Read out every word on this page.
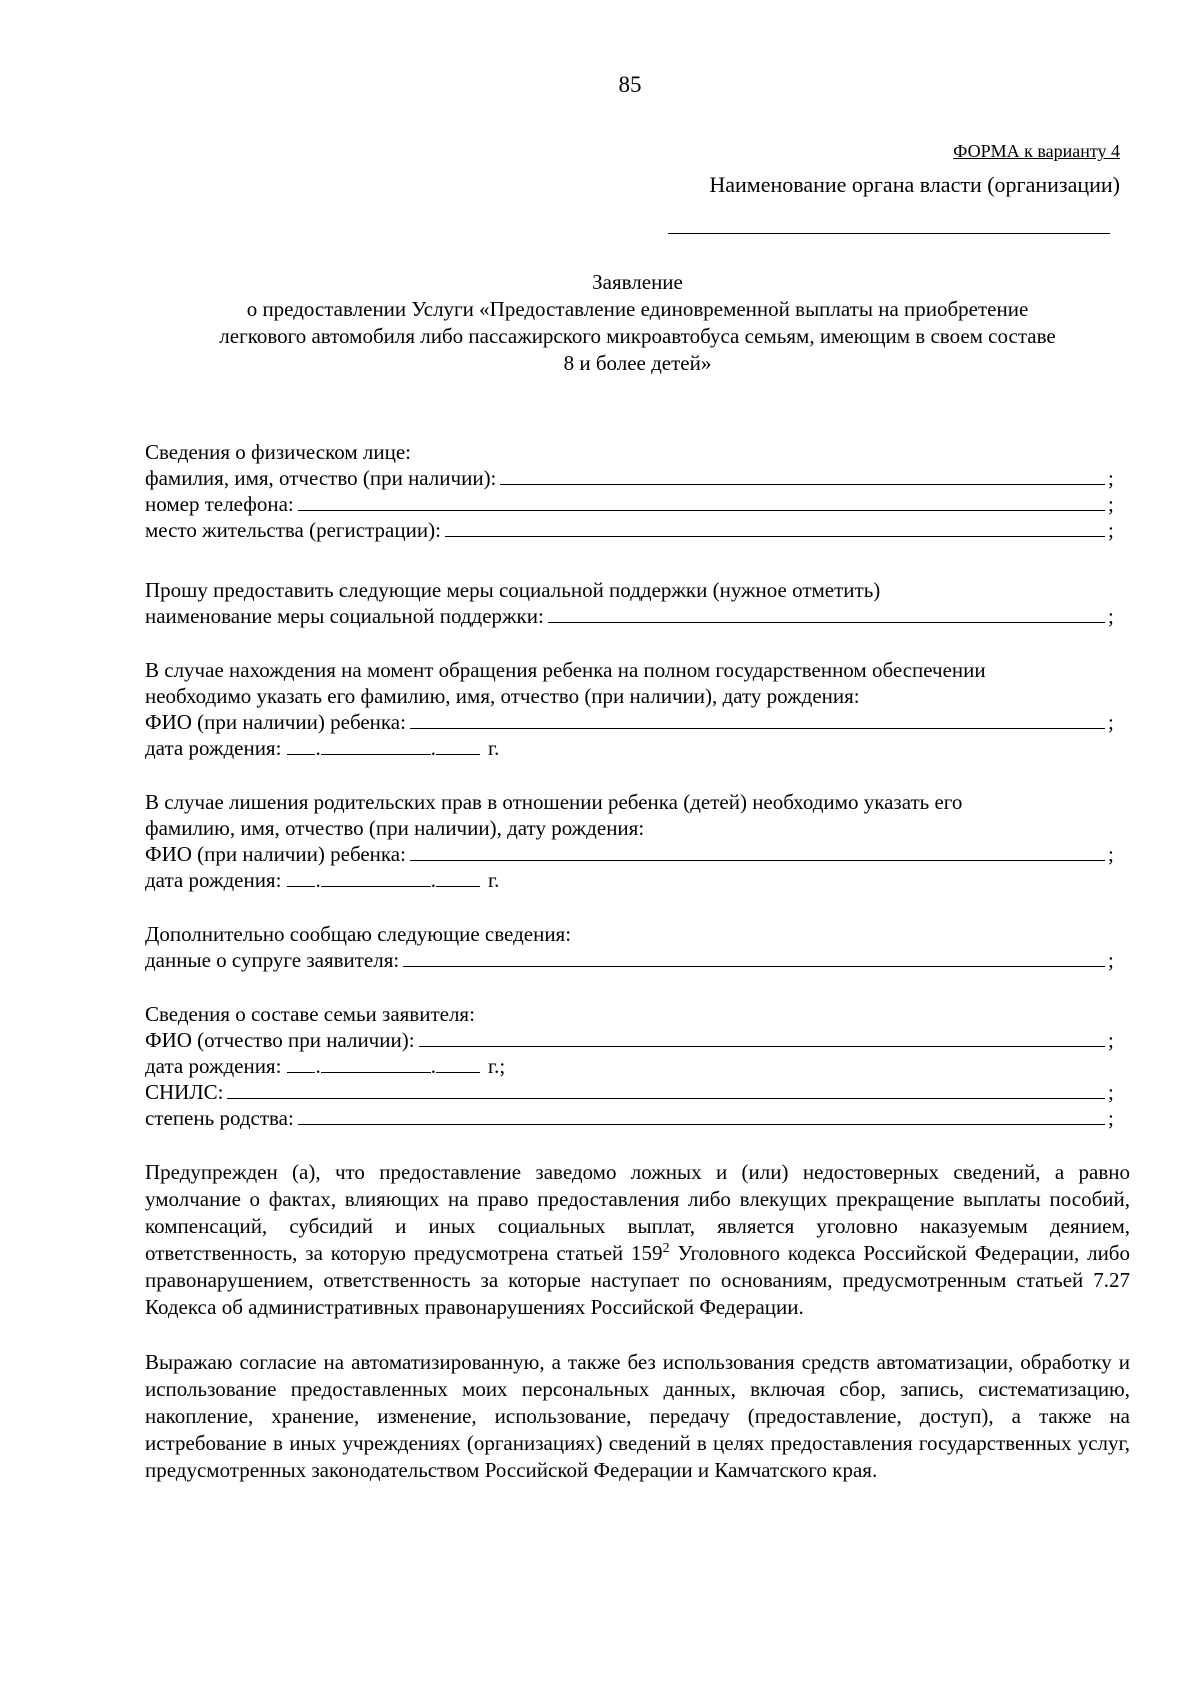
85
ФОРМА к варианту 4
Наименование органа власти (организации)
Заявление
о предоставлении Услуги «Предоставление единовременной выплаты на приобретение
легкового автомобиля либо пассажирского микроавтобуса семьям, имеющим в своем составе
8 и более детей»
Сведения о физическом лице:
фамилия, имя, отчество (при наличии):	;
номер телефона:	;
место жительства (регистрации):	;
Прошу предоставить следующие меры социальной поддержки (нужное отметить)
наименование меры социальной поддержки:	;
В случае нахождения на момент обращения ребенка на полном государственном обеспечении
необходимо указать его фамилию, имя, отчество (при наличии), дату рождения:
ФИО (при наличии) ребенка:	;
дата рождения: .	. г.
В случае лишения родительских прав в отношении ребенка (детей) необходимо указать его
фамилию, имя, отчество (при наличии), дату рождения:
ФИО (при наличии) ребенка:	;
дата рождения: .	. г.
Дополнительно сообщаю следующие сведения:
данные о супруге заявителя:	;
Сведения о составе семьи заявителя:
ФИО (отчество при наличии):	;
дата рождения: .	. г.;
СНИЛС:	;
степень родства:	;

Предупрежден (а), что предоставление заведомо ложных и (или) недостоверных сведений, а равно умолчание о фактах, влияющих на право предоставления либо влекущих прекращение выплаты пособий, компенсаций, субсидий и иных социальных выплат, является уголовно наказуемым деянием, ответственность, за которую предусмотрена статьей $159^2$ Уголовного кодекса Российской Федерации, либо правонарушением, ответственность за которые наступает по основаниям, предусмотренным статьей 7.27 Кодекса об административных правонарушениях Российской Федерации.

Выражаю согласие на автоматизированную, а также без использования средств автоматизации, обработку и использование предоставленных моих персональных данных, включая сбор, запись, систематизацию, накопление, хранение, изменение, использование, передачу (предоставление, доступ), а также на истребование в иных учреждениях (организациях) сведений в целях предоставления государственных услуг, предусмотренных законодательством Российской Федерации и Камчатского края.
